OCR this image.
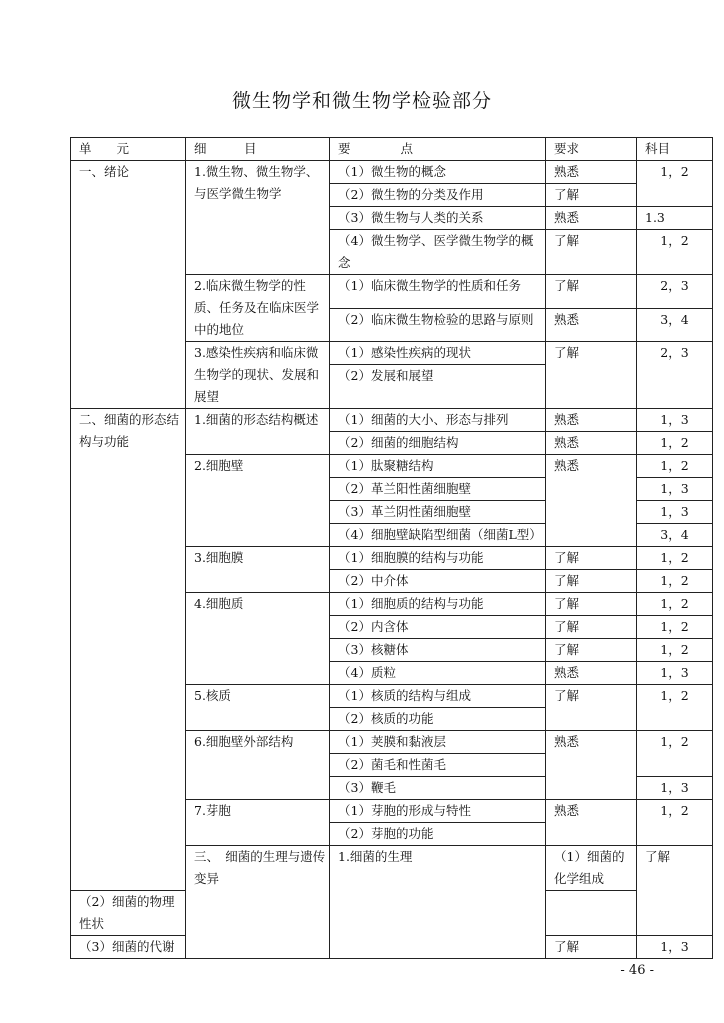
微生物学和微生物学检验部分
单　　元	细　　　目	要　　　　点	要求	科目	
一、绪论	1.微生物、微生物学、与医学微生物学	（1）微生物的概念	熟悉	1，2	
		（2）微生物的分类及作用	了解		
		（3）微生物与人类的关系	熟悉	1.3	
		（4）微生物学、医学微生物学的概念	了解	1，2	
	2.临床微生物学的性质、任务及在临床医学中的地位	（1）临床微生物学的性质和任务	了解	2，3	
		（2）临床微生物检验的思路与原则	熟悉	3，4	
	3.感染性疾病和临床微生物学的现状、发展和展望	（1）感染性疾病的现状	了解	2，3	
		（2）发展和展望			

二、细菌的形态结构与功能	1.细菌的形态结构概述	（1）细菌的大小、形态与排列	熟悉	1，3	
		（2）细菌的细胞结构	熟悉	1，2	
	2.细胞壁	（1）肽聚糖结构	熟悉	1，2	
		（2）革兰阳性菌细胞壁		1，3	
		（3）革兰阴性菌细胞壁		1，3	
		（4）细胞壁缺陷型细菌（细菌L型）		3，4	
	3.细胞膜	（1）细胞膜的结构与功能	了解	1，2	
		（2）中介体	了解	1，2	
	4.细胞质	（1）细胞质的结构与功能	了解	1，2	
		（2）内含体	了解	1，2	
		（3）核糖体	了解	1，2	
		（4）质粒	熟悉	1，3	
	5.核质	（1）核质的结构与组成	了解	1，2	
		（2）核质的功能			
	6.细胞壁外部结构	（1）荚膜和黏液层	熟悉	1，2	
		（2）菌毛和性菌毛			
		（3）鞭毛		1，3	
	7.芽胞	（1）芽胞的形成与特性	熟悉	1，2	
		（2）芽胞的功能			
	三、　细菌的生理与遗传变异	1.细菌的生理	（1）细菌的化学组成	了解	
（2）细菌的物理性状					
（3）细菌的代谢			了解	1，3	
- 46 -
